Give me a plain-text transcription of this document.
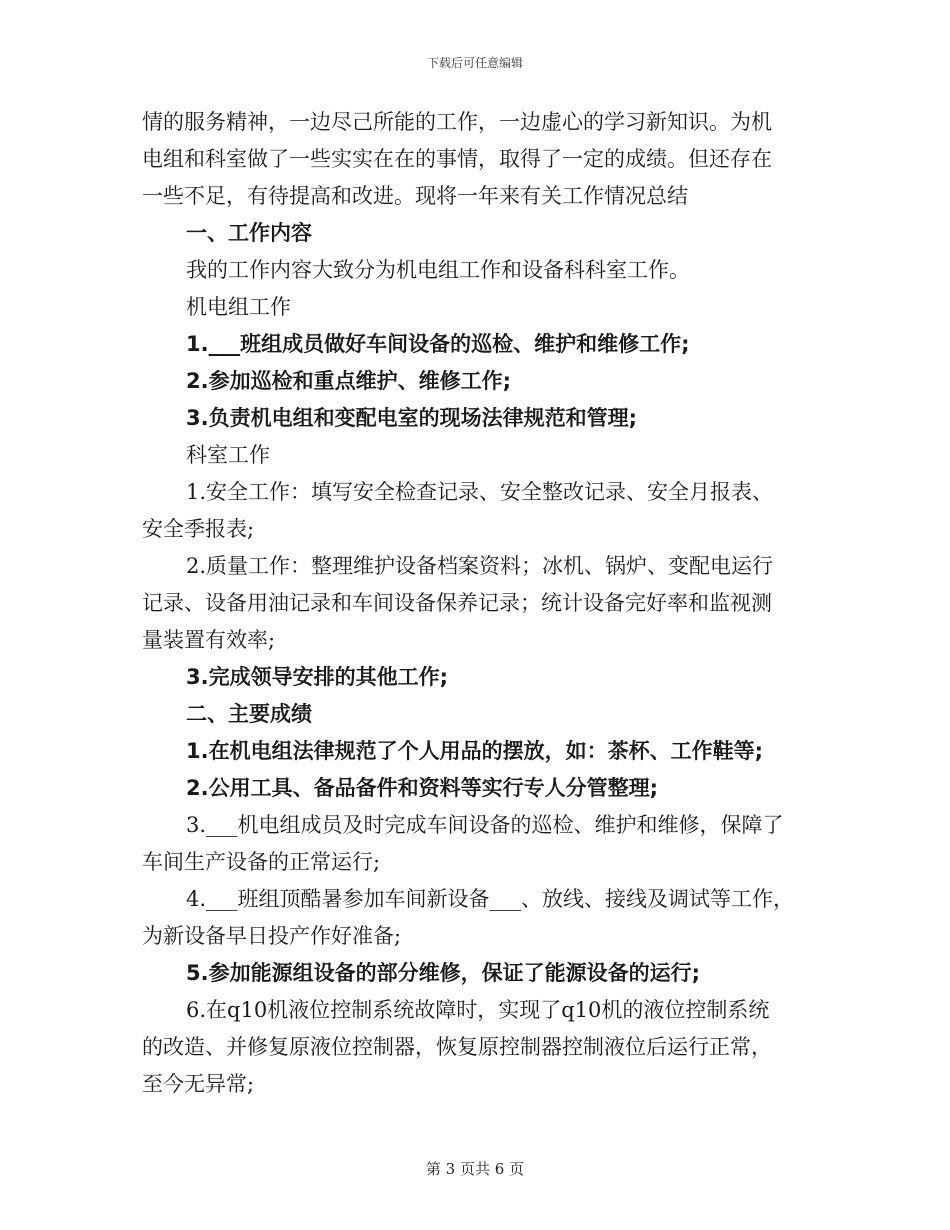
下载后可任意编辑

情的服务精神，一边尽己所能的工作，一边虚心的学习新知识。为机

电组和科室做了一些实实在在的事情，取得了一定的成绩。但还存在

一些不足，有待提高和改进。现将一年来有关工作情况总结

一、工作内容

我的工作内容大致分为机电组工作和设备科科室工作。

机电组工作

1.___班组成员做好车间设备的巡检、维护和维修工作;

2.参加巡检和重点维护、维修工作;

3.负责机电组和变配电室的现场法律规范和管理;

科室工作

1.安全工作：填写安全检查记录、安全整改记录、安全月报表、

安全季报表;

2.质量工作：整理维护设备档案资料；冰机、锅炉、变配电运行

记录、设备用油记录和车间设备保养记录；统计设备完好率和监视测

量装置有效率;

3.完成领导安排的其他工作;

二、主要成绩

1.在机电组法律规范了个人用品的摆放，如：茶杯、工作鞋等;

2.公用工具、备品备件和资料等实行专人分管整理;

3.___机电组成员及时完成车间设备的巡检、维护和维修，保障了

车间生产设备的正常运行;

4.___班组顶酷暑参加车间新设备___、放线、接线及调试等工作，

为新设备早日投产作好准备;

5.参加能源组设备的部分维修，保证了能源设备的运行;

6.在q10机液位控制系统故障时，实现了q10机的液位控制系统

的改造、并修复原液位控制器，恢复原控制器控制液位后运行正常，

至今无异常;

第 3 页共 6 页
